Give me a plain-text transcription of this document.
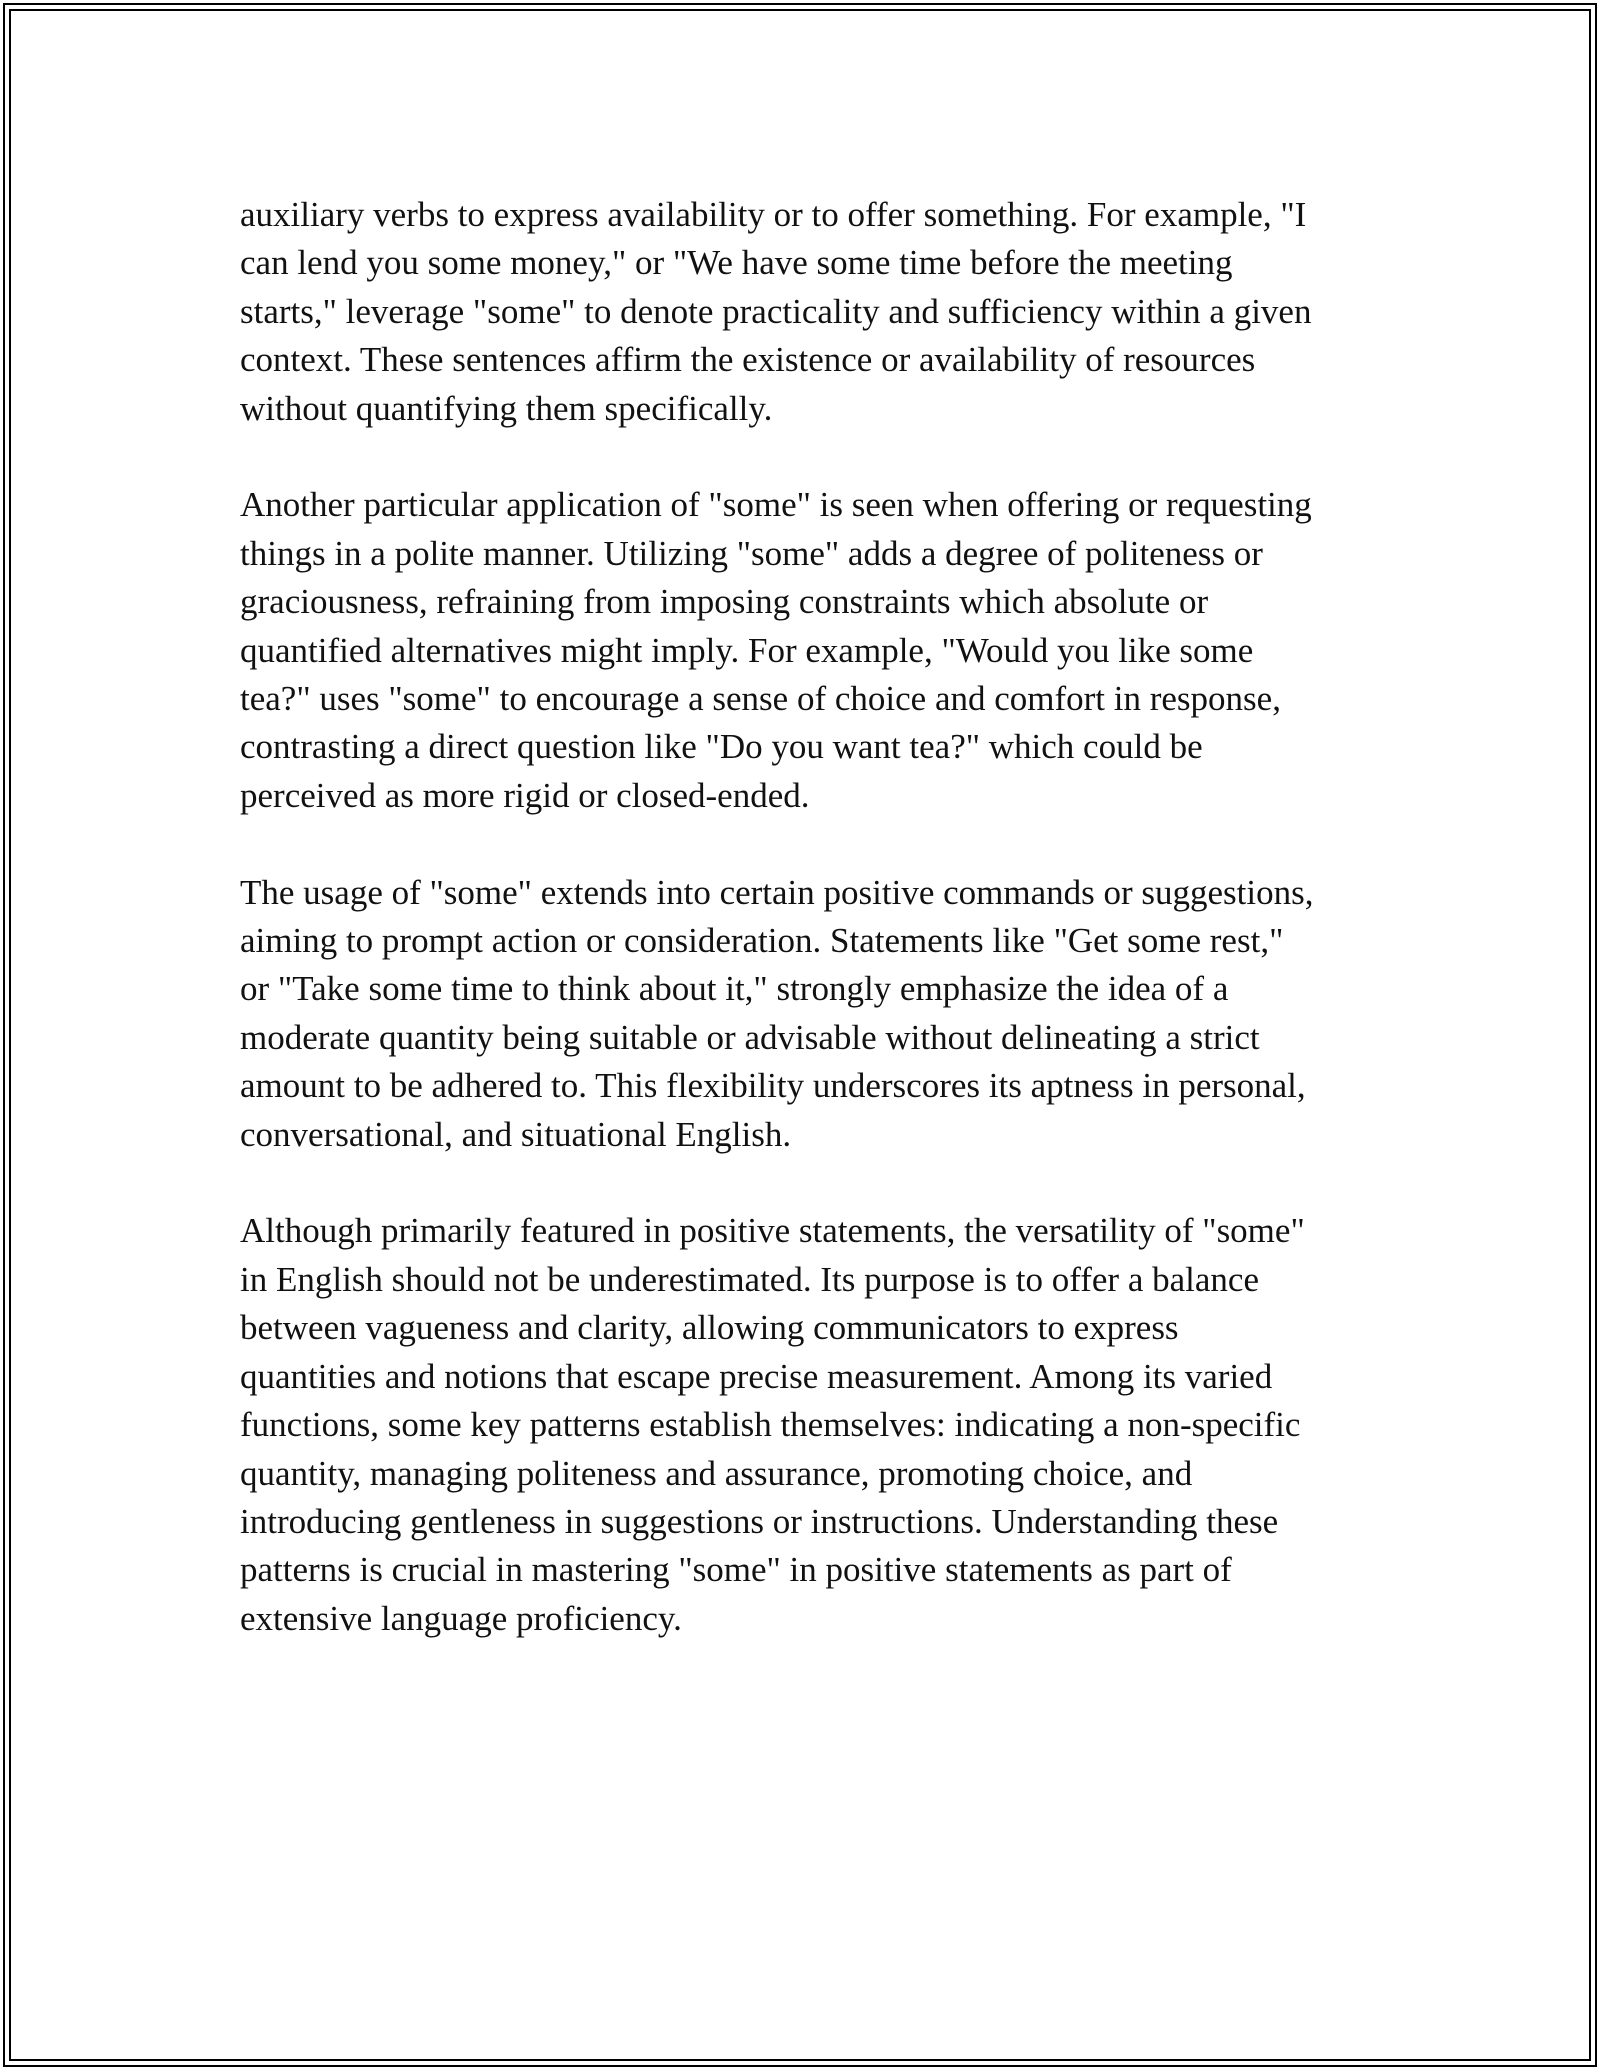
auxiliary verbs to express availability or to offer something. For example, "I
can lend you some money," or "We have some time before the meeting
starts," leverage "some" to denote practicality and sufficiency within a given
context. These sentences affirm the existence or availability of resources
without quantifying them specifically.

Another particular application of "some" is seen when offering or requesting
things in a polite manner. Utilizing "some" adds a degree of politeness or
graciousness, refraining from imposing constraints which absolute or
quantified alternatives might imply. For example, "Would you like some
tea?" uses "some" to encourage a sense of choice and comfort in response,
contrasting a direct question like "Do you want tea?" which could be
perceived as more rigid or closed-ended.

The usage of "some" extends into certain positive commands or suggestions,
aiming to prompt action or consideration. Statements like "Get some rest,"
or "Take some time to think about it," strongly emphasize the idea of a
moderate quantity being suitable or advisable without delineating a strict
amount to be adhered to. This flexibility underscores its aptness in personal,
conversational, and situational English.

Although primarily featured in positive statements, the versatility of "some"
in English should not be underestimated. Its purpose is to offer a balance
between vagueness and clarity, allowing communicators to express
quantities and notions that escape precise measurement. Among its varied
functions, some key patterns establish themselves: indicating a non-specific
quantity, managing politeness and assurance, promoting choice, and
introducing gentleness in suggestions or instructions. Understanding these
patterns is crucial in mastering "some" in positive statements as part of
extensive language proficiency.
